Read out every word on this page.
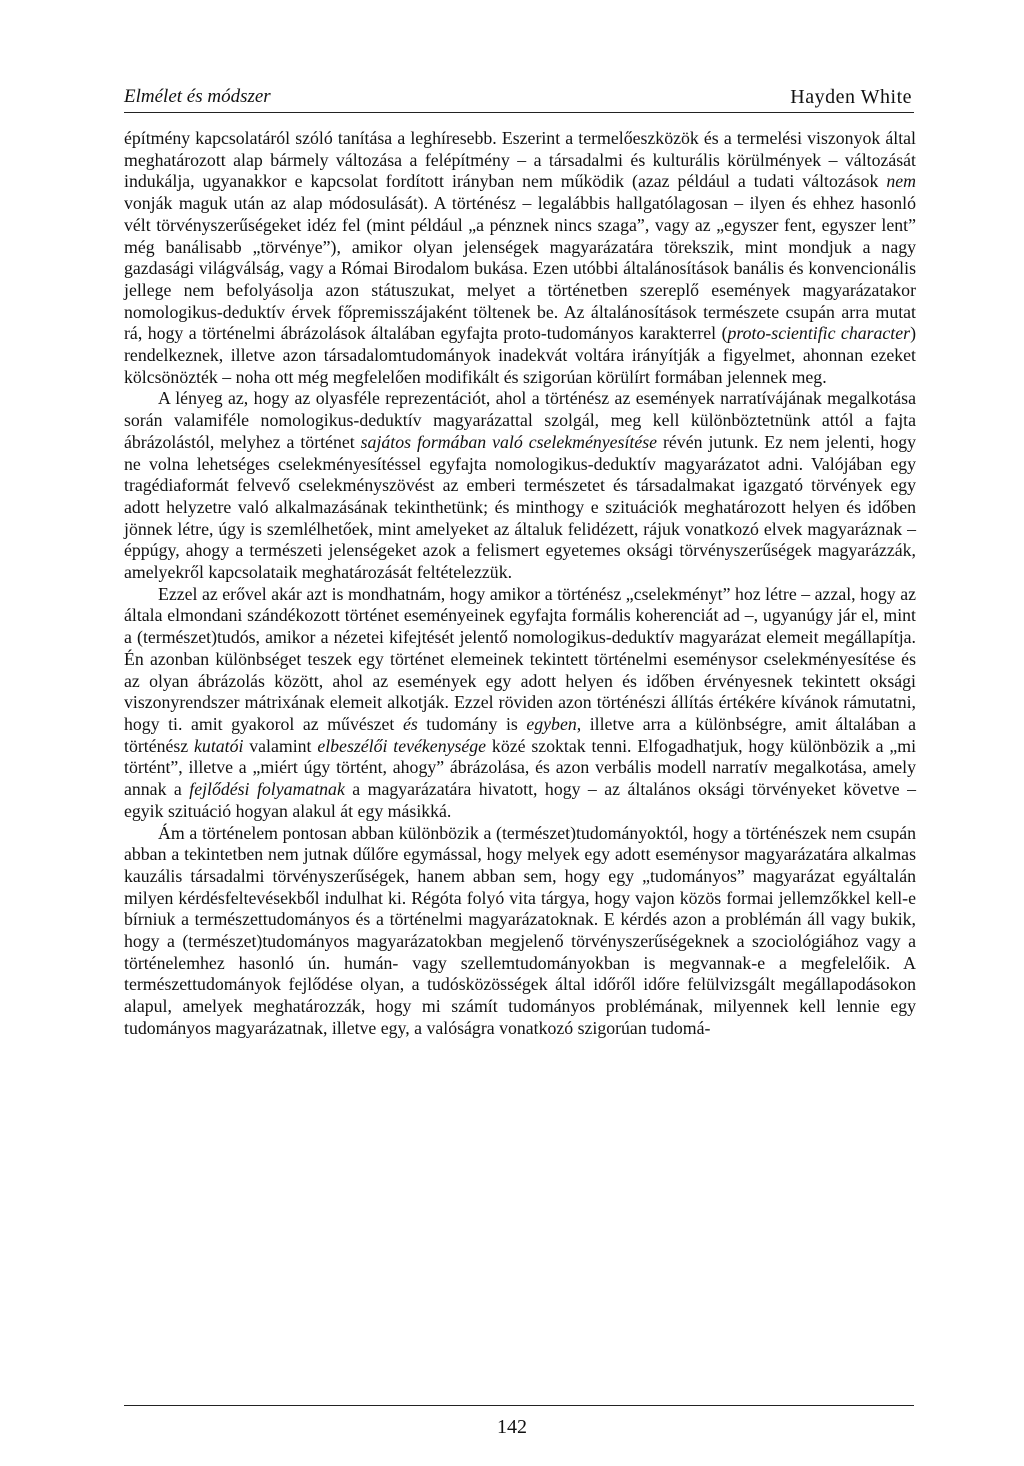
Elmélet és módszer	Hayden White

építmény kapcsolatáról szóló tanítása a leghíresebb. Eszerint a termelőeszközök és a termelési viszonyok által meghatározott alap bármely változása a felépítmény – a társadalmi és kulturális körülmények – változását indukálja, ugyanakkor e kapcsolat fordított irányban nem működik (azaz például a tudati változások nem vonják maguk után az alap módosulását). A történész – legalábbis hallgatólagosan – ilyen és ehhez hasonló vélt törvényszerűségeket idéz fel (mint például „a pénznek nincs szaga”, vagy az „egyszer fent, egyszer lent” még banálisabb „törvénye”), amikor olyan jelenségek magyarázatára törekszik, mint mondjuk a nagy gazdasági világválság, vagy a Római Birodalom bukása. Ezen utóbbi általánosítások banális és konvencionális jellege nem befolyásolja azon státuszukat, melyet a történetben szereplő események magyarázatakor nomologikus-deduktív érvek főpremisszájaként töltenek be. Az általánosítások természete csupán arra mutat rá, hogy a történelmi ábrázolások általában egyfajta proto-tudományos karakterrel (proto-scientific character) rendelkeznek, illetve azon társadalomtudományok inadekvát voltára irányítják a figyelmet, ahonnan ezeket kölcsönözték – noha ott még megfelelően modifikált és szigorúan körülírt formában jelennek meg.

A lényeg az, hogy az olyasféle reprezentációt, ahol a történész az események narratívájának megalkotása során valamiféle nomologikus-deduktív magyarázattal szolgál, meg kell különböztetnünk attól a fajta ábrázolástól, melyhez a történet sajátos formában való cselekményesítése révén jutunk. Ez nem jelenti, hogy ne volna lehetséges cselekményesítéssel egyfajta nomologikus-deduktív magyarázatot adni. Valójában egy tragédiaformát felvevő cselekményszövést az emberi természetet és társadalmakat igazgató törvények egy adott helyzetre való alkalmazásának tekinthetünk; és minthogy e szituációk meghatározott helyen és időben jönnek létre, úgy is szemlélhetőek, mint amelyeket az általuk felidézett, rájuk vonatkozó elvek magyaráznak – éppúgy, ahogy a természeti jelenségeket azok a felismert egyetemes oksági törvényszerűségek magyarázzák, amelyekről kapcsolataik meghatározását feltételezzük.

Ezzel az erővel akár azt is mondhatnám, hogy amikor a történész „cselekményt” hoz létre – azzal, hogy az általa elmondani szándékozott történet eseményeinek egyfajta formális koherenciát ad –, ugyanúgy jár el, mint a (természet)tudós, amikor a nézetei kifejtését jelentő nomologikus-deduktív magyarázat elemeit megállapítja. Én azonban különbséget teszek egy történet elemeinek tekintett történelmi eseménysor cselekményesítése és az olyan ábrázolás között, ahol az események egy adott helyen és időben érvényesnek tekintett oksági viszonyrendszer mátrixának elemeit alkotják. Ezzel röviden azon történészi állítás értékére kívánok rámutatni, hogy ti. amit gyakorol az művészet és tudomány is egyben, illetve arra a különbségre, amit általában a történész kutatói valamint elbeszélői tevékenysége közé szoktak tenni. Elfogadhatjuk, hogy különbözik a „mi történt”, illetve a „miért úgy történt, ahogy” ábrázolása, és azon verbális modell narratív megalkotása, amely annak a fejlődési folyamatnak a magyarázatára hivatott, hogy – az általános oksági törvényeket követve – egyik szituáció hogyan alakul át egy másikká.

Ám a történelem pontosan abban különbözik a (természet)tudományoktól, hogy a történészek nem csupán abban a tekintetben nem jutnak dűlőre egymással, hogy melyek egy adott eseménysor magyarázatára alkalmas kauzális társadalmi törvényszerűségek, hanem abban sem, hogy egy „tudományos” magyarázat egyáltalán milyen kérdésfeltevésekből indulhat ki. Régóta folyó vita tárgya, hogy vajon közös formai jellemzőkkel kell-e bírniuk a természettudományos és a történelmi magyarázatoknak. E kérdés azon a problémán áll vagy bukik, hogy a (természet)tudományos magyarázatokban megjelenő törvényszerűségeknek a szociológiához vagy a történelemhez hasonló ún. humán- vagy szellemtudományokban is megvannak-e a megfelelőik. A természettudományok fejlődése olyan, a tudósközösségek által időről időre felülvizsgált megállapodásokon alapul, amelyek meghatározzák, hogy mi számít tudományos problémának, milyennek kell lennie egy tudományos magyarázatnak, illetve egy, a valóságra vonatkozó szigorúan tudomá-

142
